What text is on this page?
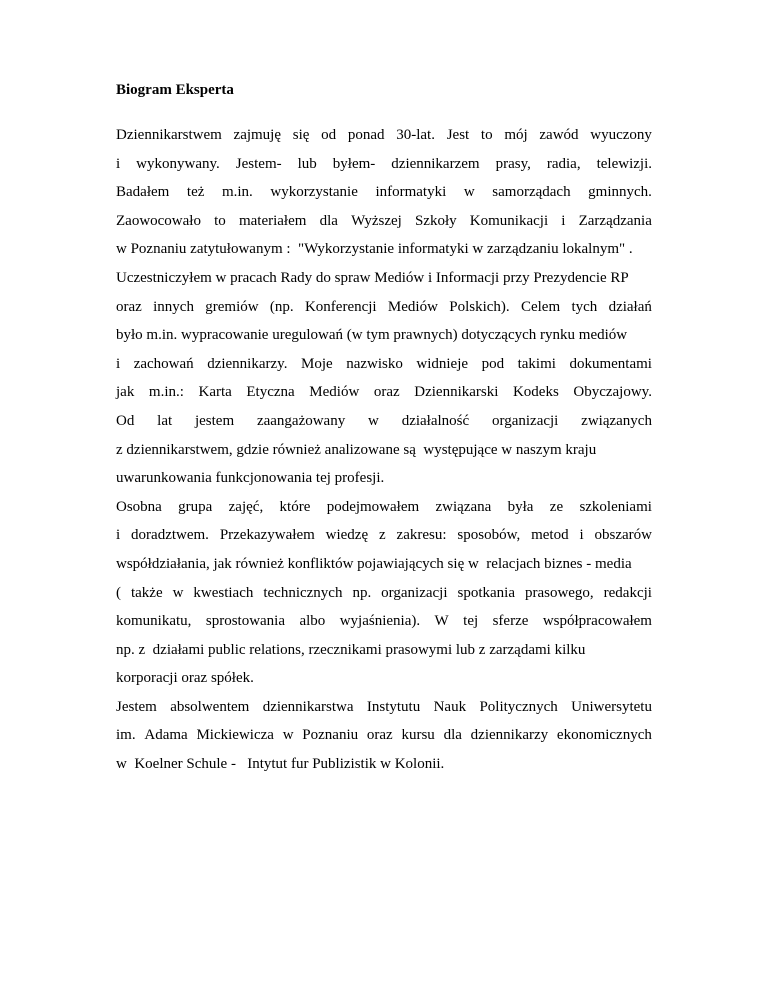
Biogram Eksperta
Dziennikarstwem zajmuję się od ponad 30-lat. Jest to mój zawód wyuczony
i wykonywany. Jestem- lub byłem- dziennikarzem prasy, radia, telewizji.
Badałem też m.in. wykorzystanie informatyki w samorządach gminnych.
Zaowocowało to materiałem dla Wyższej Szkoły Komunikacji i Zarządzania
w Poznaniu zatytułowanym :  "Wykorzystanie informatyki w zarządzaniu lokalnym" .
Uczestniczyłem w pracach Rady do spraw Mediów i Informacji przy Prezydencie RP
oraz innych gremiów (np. Konferencji Mediów Polskich). Celem tych działań
było m.in. wypracowanie uregulowań (w tym prawnych) dotyczących rynku mediów
i zachowań dziennikarzy. Moje nazwisko widnieje pod takimi dokumentami
jak m.in.: Karta Etyczna Mediów oraz Dziennikarski Kodeks Obyczajowy.
Od lat jestem zaangażowany w działalność organizacji związanych
z dziennikarstwem, gdzie również analizowane są  występujące w naszym kraju
uwarunkowania funkcjonowania tej profesji.
Osobna grupa zajęć, które podejmowałem związana była ze szkoleniami
i doradztwem. Przekazywałem wiedzę z zakresu: sposobów, metod i obszarów
współdziałania, jak również konfliktów pojawiających się w  relacjach biznes - media
( także w kwestiach technicznych np. organizacji spotkania prasowego, redakcji
komunikatu, sprostowania albo wyjaśnienia). W tej sferze współpracowałem
np. z  działami public relations, rzecznikami prasowymi lub z zarządami kilku
korporacji oraz spółek.
Jestem absolwentem dziennikarstwa Instytutu Nauk Politycznych Uniwersytetu
im. Adama Mickiewicza w Poznaniu oraz kursu dla dziennikarzy ekonomicznych
w  Koelner Schule -   Intytut fur Publizistik w Kolonii.
